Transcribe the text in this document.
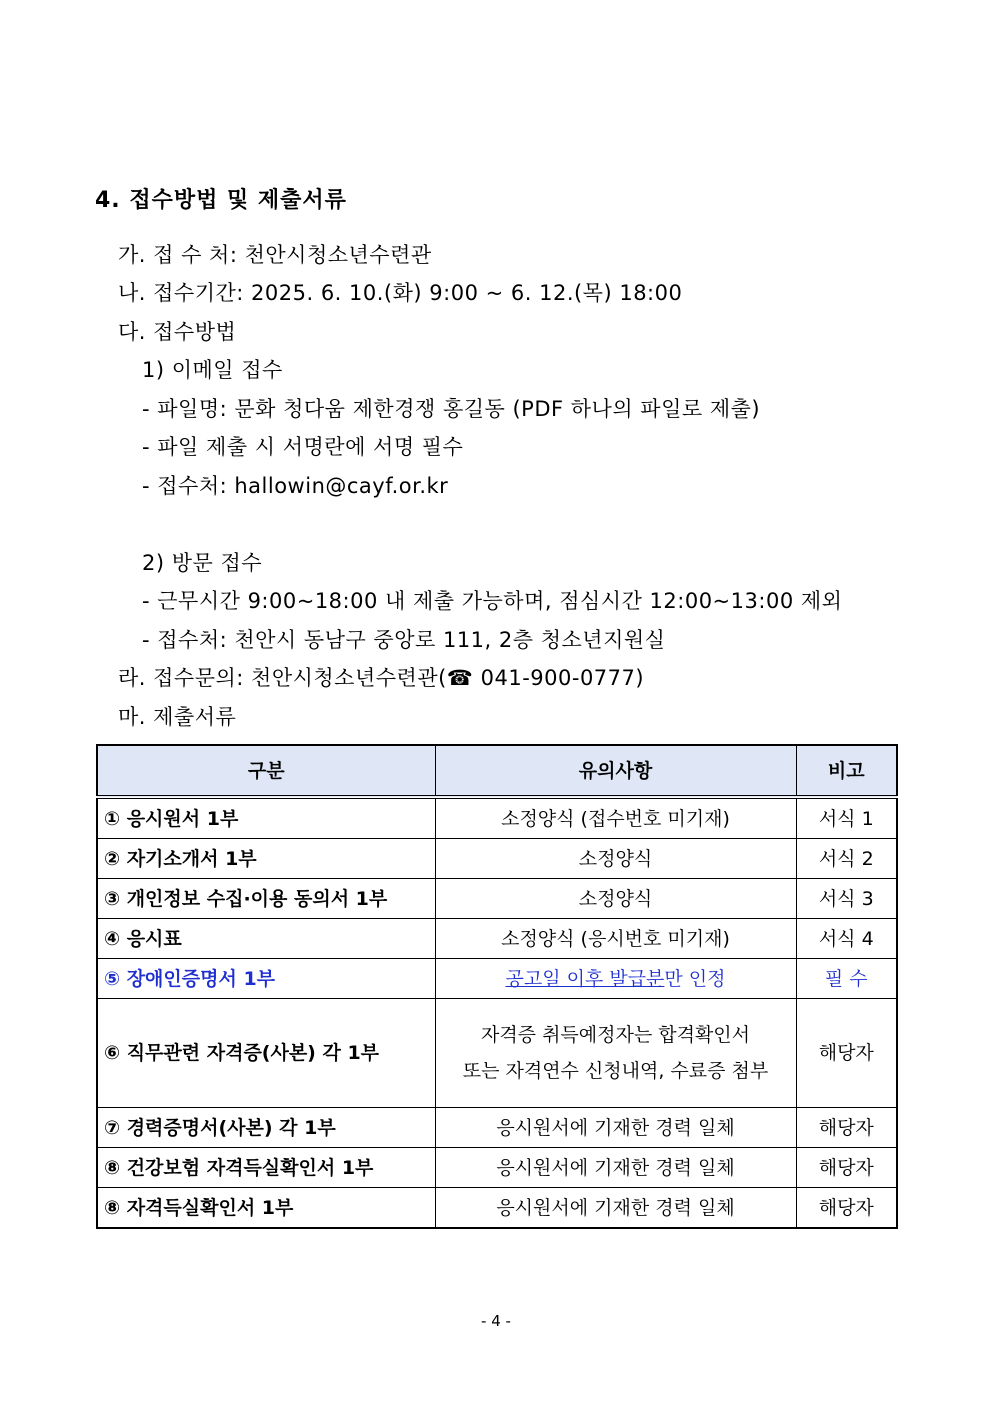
4. 접수방법 및 제출서류
가. 접 수 처: 천안시청소년수련관
나. 접수기간: 2025. 6. 10.(화) 9:00 ~ 6. 12.(목) 18:00
다. 접수방법
1) 이메일 접수
- 파일명: 문화 청다움 제한경쟁 홍길동 (PDF 하나의 파일로 제출)
- 파일 제출 시 서명란에 서명 필수
- 접수처: hallowin@cayf.or.kr
2) 방문 접수
- 근무시간 9:00~18:00 내 제출 가능하며, 점심시간 12:00~13:00 제외
- 접수처: 천안시 동남구 중앙로 111, 2층 청소년지원실
라. 접수문의: 천안시청소년수련관(☎ 041-900-0777)
마. 제출서류
구분	유의사항	비고
① 응시원서 1부	소정양식 (접수번호 미기재)	서식 1
② 자기소개서 1부	소정양식	서식 2
③ 개인정보 수집·이용 동의서 1부	소정양식	서식 3
④ 응시표	소정양식 (응시번호 미기재)	서식 4
⑤ 장애인증명서 1부	공고일 이후 발급분만 인정	필 수
⑥ 직무관련 자격증(사본) 각 1부	자격증 취득예정자는 합격확인서
또는 자격연수 신청내역, 수료증 첨부	해당자
⑦ 경력증명서(사본) 각 1부	응시원서에 기재한 경력 일체	해당자
⑧ 건강보험 자격득실확인서 1부	응시원서에 기재한 경력 일체	해당자
⑧ 자격득실확인서 1부	응시원서에 기재한 경력 일체	해당자
- 4 -
